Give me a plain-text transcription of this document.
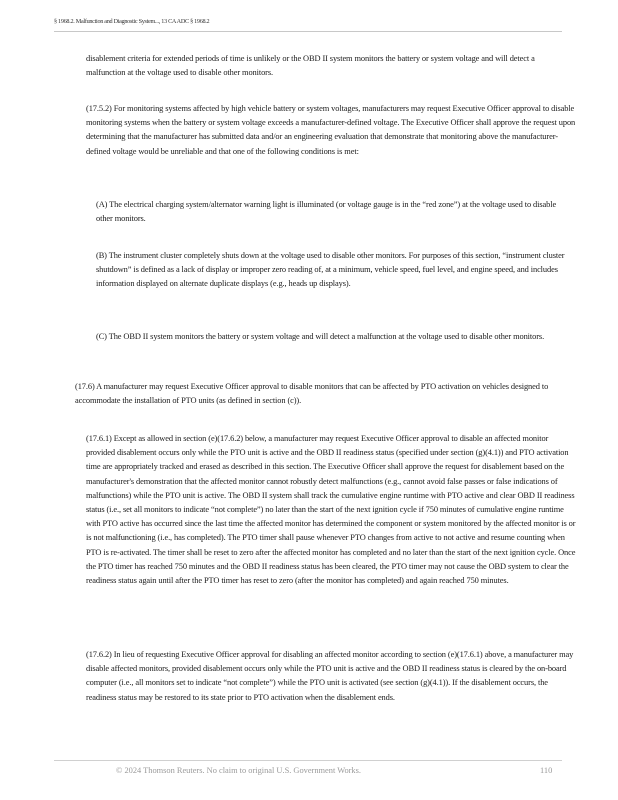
§ 1968.2. Malfunction and Diagnostic System..., 13 CA ADC § 1968.2

disablement criteria for extended periods of time is unlikely or the OBD II system monitors the battery or system voltage and will detect a malfunction at the voltage used to disable other monitors.

(17.5.2) For monitoring systems affected by high vehicle battery or system voltages, manufacturers may request Executive Officer approval to disable monitoring systems when the battery or system voltage exceeds a manufacturer-defined voltage. The Executive Officer shall approve the request upon determining that the manufacturer has submitted data and/or an engineering evaluation that demonstrate that monitoring above the manufacturer-defined voltage would be unreliable and that one of the following conditions is met:

(A) The electrical charging system/alternator warning light is illuminated (or voltage gauge is in the “red zone”) at the voltage used to disable other monitors.

(B) The instrument cluster completely shuts down at the voltage used to disable other monitors. For purposes of this section, “instrument cluster shutdown” is defined as a lack of display or improper zero reading of, at a minimum, vehicle speed, fuel level, and engine speed, and includes information displayed on alternate duplicate displays (e.g., heads up displays).

(C) The OBD II system monitors the battery or system voltage and will detect a malfunction at the voltage used to disable other monitors.

(17.6) A manufacturer may request Executive Officer approval to disable monitors that can be affected by PTO activation on vehicles designed to accommodate the installation of PTO units (as defined in section (c)).

(17.6.1) Except as allowed in section (e)(17.6.2) below, a manufacturer may request Executive Officer approval to disable an affected monitor provided disablement occurs only while the PTO unit is active and the OBD II readiness status (specified under section (g)(4.1)) and PTO activation time are appropriately tracked and erased as described in this section. The Executive Officer shall approve the request for disablement based on the manufacturer's demonstration that the affected monitor cannot robustly detect malfunctions (e.g., cannot avoid false passes or false indications of malfunctions) while the PTO unit is active. The OBD II system shall track the cumulative engine runtime with PTO active and clear OBD II readiness status (i.e., set all monitors to indicate “not complete”) no later than the start of the next ignition cycle if 750 minutes of cumulative engine runtime with PTO active has occurred since the last time the affected monitor has determined the component or system monitored by the affected monitor is or is not malfunctioning (i.e., has completed). The PTO timer shall pause whenever PTO changes from active to not active and resume counting when PTO is re-activated. The timer shall be reset to zero after the affected monitor has completed and no later than the start of the next ignition cycle. Once the PTO timer has reached 750 minutes and the OBD II readiness status has been cleared, the PTO timer may not cause the OBD system to clear the readiness status again until after the PTO timer has reset to zero (after the monitor has completed) and again reached 750 minutes.

(17.6.2) In lieu of requesting Executive Officer approval for disabling an affected monitor according to section (e)(17.6.1) above, a manufacturer may disable affected monitors, provided disablement occurs only while the PTO unit is active and the OBD II readiness status is cleared by the on-board computer (i.e., all monitors set to indicate “not complete”) while the PTO unit is activated (see section (g)(4.1)). If the disablement occurs, the readiness status may be restored to its state prior to PTO activation when the disablement ends.

© 2024 Thomson Reuters. No claim to original U.S. Government Works.	110
